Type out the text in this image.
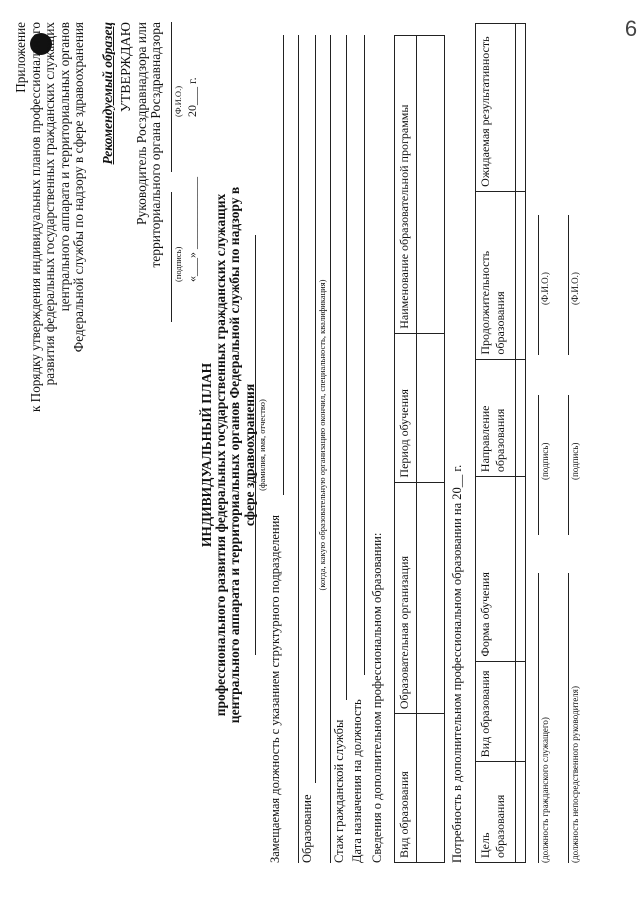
6
Приложение к Порядку утверждения индивидуальных планов профессионального развития федеральных государственных гражданских служащих центрального аппарата и территориальных органов Федеральной службы по надзору в сфере здравоохранения Рекомендуемый образец УТВЕРЖДАЮ Руководитель Росздравнадзора или территориального органа Росздравнадзора (подпись)
(Ф.И.О.)
«___» ____________
20___ г.
ИНДИВИДУАЛЬНЫЙ ПЛАН профессионального развития федеральных государственных гражданских служащих центрального аппарата и территориальных органов Федеральной службы по надзору в сфере здравоохранения (фамилия, имя, отчество)
Замещаемая должность с указанием структурного подразделения Образование
(когда, какую образовательную организацию окончил, специальность, квалификация)
Стаж гражданской службы Дата назначения на должность Сведения о дополнительном профессиональном образовании: Вид образования	Образовательная организация	Период обучения	Наименование образовательной программы

Потребность в дополнительном профессиональном образовании на 20__ г. Цель образования	Вид образования	Форма обучения	Направление образования	Продолжительность образования	Ожидаемая результативность

(должность гражданского служащего)
(подпись)
(Ф.И.О.)
(должность непосредственного руководителя)
(подпись)
(Ф.И.О.)
